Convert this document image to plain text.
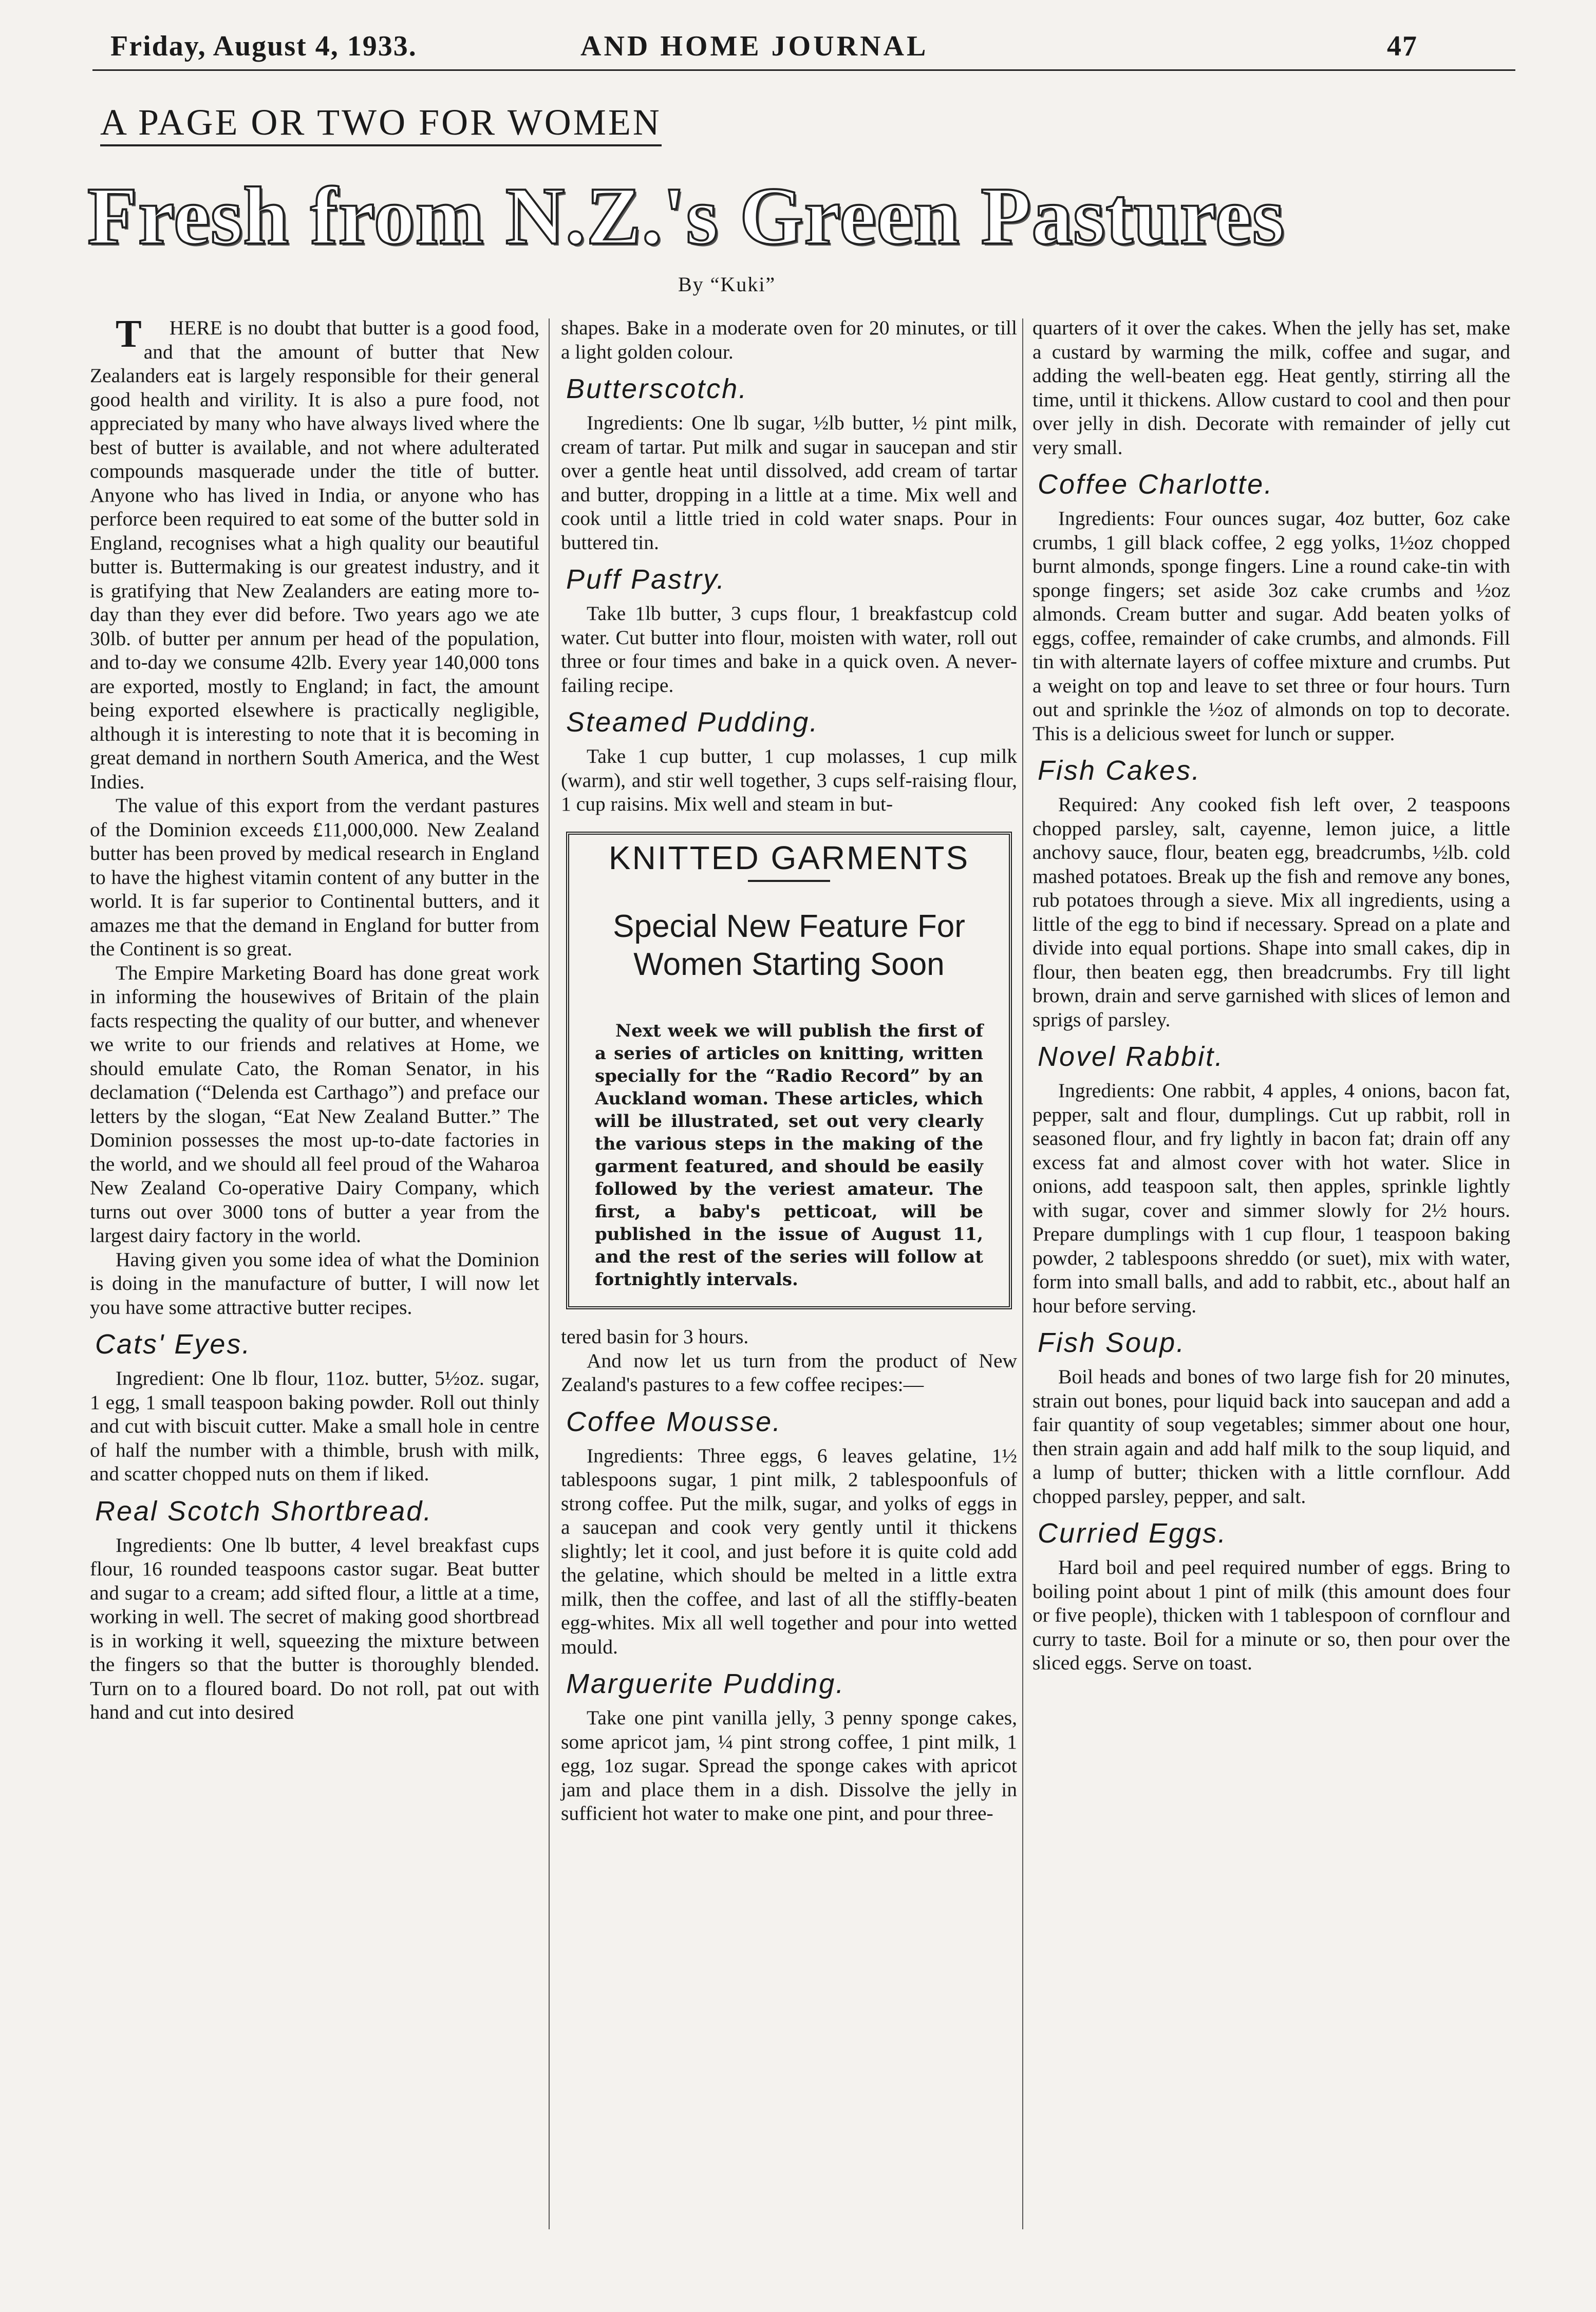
Friday, August 4, 1933.	AND HOME JOURNAL	47
A PAGE OR TWO FOR WOMEN
Fresh from N.Z.'s Green Pastures
By “Kuki”

THERE is no doubt that butter is a good food, and that the amount of butter that New Zealanders eat is largely responsible for their general good health and virility. It is also a pure food, not appreciated by many who have always lived where the best of butter is available, and not where adulterated compounds masquerade under the title of butter. Anyone who has lived in India, or anyone who has perforce been required to eat some of the butter sold in England, recognises what a high quality our beautiful butter is. Buttermaking is our greatest industry, and it is gratifying that New Zealanders are eating more to-day than they ever did before. Two years ago we ate 30lb. of butter per annum per head of the population, and to-day we consume 42lb. Every year 140,000 tons are exported, mostly to England; in fact, the amount being exported elsewhere is practically negligible, although it is interesting to note that it is becoming in great demand in northern South America, and the West Indies.

The value of this export from the verdant pastures of the Dominion exceeds £11,000,000. New Zealand butter has been proved by medical research in England to have the highest vitamin content of any butter in the world. It is far superior to Continental butters, and it amazes me that the demand in England for butter from the Continent is so great.

The Empire Marketing Board has done great work in informing the housewives of Britain of the plain facts respecting the quality of our butter, and whenever we write to our friends and relatives at Home, we should emulate Cato, the Roman Senator, in his declamation (“Delenda est Carthago”) and preface our letters by the slogan, “Eat New Zealand Butter.” The Dominion possesses the most up-to-date factories in the world, and we should all feel proud of the Waharoa New Zealand Co-operative Dairy Company, which turns out over 3000 tons of butter a year from the largest dairy factory in the world.

Having given you some idea of what the Dominion is doing in the manufacture of butter, I will now let you have some attractive butter recipes.

Cats' Eyes.

Ingredient: One lb flour, 11oz. butter, 5½oz. sugar, 1 egg, 1 small teaspoon baking powder. Roll out thinly and cut with biscuit cutter. Make a small hole in centre of half the number with a thimble, brush with milk, and scatter chopped nuts on them if liked.

Real Scotch Shortbread.

Ingredients: One lb butter, 4 level breakfast cups flour, 16 rounded teaspoons castor sugar. Beat butter and sugar to a cream; add sifted flour, a little at a time, working in well. The secret of making good shortbread is in working it well, squeezing the mixture between the fingers so that the butter is thoroughly blended. Turn on to a floured board. Do not roll, pat out with hand and cut into desired

shapes. Bake in a moderate oven for 20 minutes, or till a light golden colour.

Butterscotch.

Ingredients: One lb sugar, ½lb butter, ½ pint milk, cream of tartar. Put milk and sugar in saucepan and stir over a gentle heat until dissolved, add cream of tartar and butter, dropping in a little at a time. Mix well and cook until a little tried in cold water snaps. Pour in buttered tin.

Puff Pastry.

Take 1lb butter, 3 cups flour, 1 breakfastcup cold water. Cut butter into flour, moisten with water, roll out three or four times and bake in a quick oven. A never-failing recipe.

Steamed Pudding.

Take 1 cup butter, 1 cup molasses, 1 cup milk (warm), and stir well together, 3 cups self-raising flour, 1 cup raisins. Mix well and steam in but-

KNITTED GARMENTS
Special New Feature For Women Starting Soon

Next week we will publish the first of a series of articles on knitting, written specially for the “Radio Record” by an Auckland woman. These articles, which will be illustrated, set out very clearly the various steps in the making of the garment featured, and should be easily followed by the veriest amateur. The first, a baby's petticoat, will be published in the issue of August 11, and the rest of the series will follow at fortnightly intervals.

tered basin for 3 hours.

And now let us turn from the product of New Zealand's pastures to a few coffee recipes:—

Coffee Mousse.

Ingredients: Three eggs, 6 leaves gelatine, 1½ tablespoons sugar, 1 pint milk, 2 tablespoonfuls of strong coffee. Put the milk, sugar, and yolks of eggs in a saucepan and cook very gently until it thickens slightly; let it cool, and just before it is quite cold add the gelatine, which should be melted in a little extra milk, then the coffee, and last of all the stiffly-beaten egg-whites. Mix all well together and pour into wetted mould.

Marguerite Pudding.

Take one pint vanilla jelly, 3 penny sponge cakes, some apricot jam, ¼ pint strong coffee, 1 pint milk, 1 egg, 1oz sugar. Spread the sponge cakes with apricot jam and place them in a dish. Dissolve the jelly in sufficient hot water to make one pint, and pour three-

quarters of it over the cakes. When the jelly has set, make a custard by warming the milk, coffee and sugar, and adding the well-beaten egg. Heat gently, stirring all the time, until it thickens. Allow custard to cool and then pour over jelly in dish. Decorate with remainder of jelly cut very small.

Coffee Charlotte.

Ingredients: Four ounces sugar, 4oz butter, 6oz cake crumbs, 1 gill black coffee, 2 egg yolks, 1½oz chopped burnt almonds, sponge fingers. Line a round cake-tin with sponge fingers; set aside 3oz cake crumbs and ½oz almonds. Cream butter and sugar. Add beaten yolks of eggs, coffee, remainder of cake crumbs, and almonds. Fill tin with alternate layers of coffee mixture and crumbs. Put a weight on top and leave to set three or four hours. Turn out and sprinkle the ½oz of almonds on top to decorate. This is a delicious sweet for lunch or supper.

Fish Cakes.

Required: Any cooked fish left over, 2 teaspoons chopped parsley, salt, cayenne, lemon juice, a little anchovy sauce, flour, beaten egg, breadcrumbs, ½lb. cold mashed potatoes. Break up the fish and remove any bones, rub potatoes through a sieve. Mix all ingredients, using a little of the egg to bind if necessary. Spread on a plate and divide into equal portions. Shape into small cakes, dip in flour, then beaten egg, then breadcrumbs. Fry till light brown, drain and serve garnished with slices of lemon and sprigs of parsley.

Novel Rabbit.

Ingredients: One rabbit, 4 apples, 4 onions, bacon fat, pepper, salt and flour, dumplings. Cut up rabbit, roll in seasoned flour, and fry lightly in bacon fat; drain off any excess fat and almost cover with hot water. Slice in onions, add teaspoon salt, then apples, sprinkle lightly with sugar, cover and simmer slowly for 2½ hours. Prepare dumplings with 1 cup flour, 1 teaspoon baking powder, 2 tablespoons shreddo (or suet), mix with water, form into small balls, and add to rabbit, etc., about half an hour before serving.

Fish Soup.

Boil heads and bones of two large fish for 20 minutes, strain out bones, pour liquid back into saucepan and add a fair quantity of soup vegetables; simmer about one hour, then strain again and add half milk to the soup liquid, and a lump of butter; thicken with a little cornflour. Add chopped parsley, pepper, and salt.

Curried Eggs.

Hard boil and peel required number of eggs. Bring to boiling point about 1 pint of milk (this amount does four or five people), thicken with 1 tablespoon of cornflour and curry to taste. Boil for a minute or so, then pour over the sliced eggs. Serve on toast.
